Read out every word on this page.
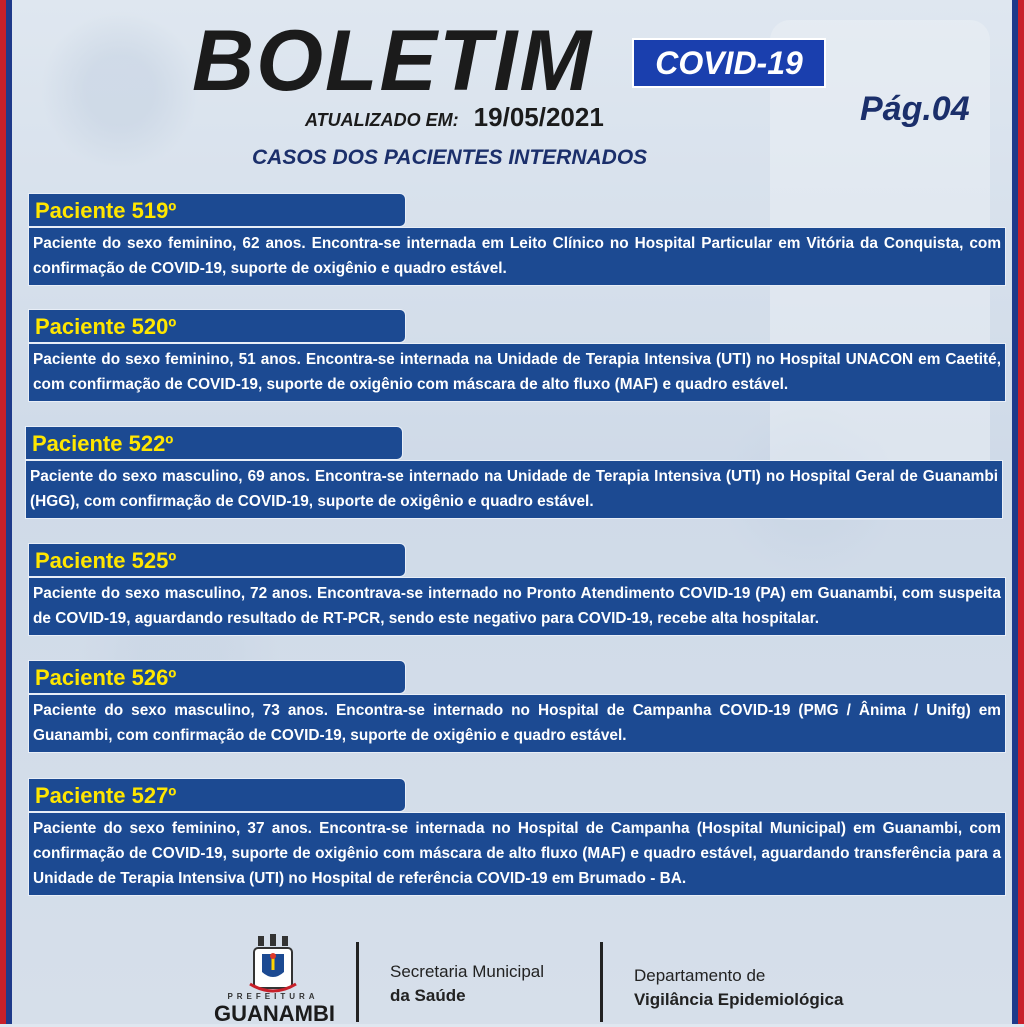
BOLETIM	COVID-19
ATUALIZADO EM: 19/05/2021	Pág.04
CASOS DOS PACIENTES INTERNADOS
Paciente 519º
Paciente do sexo feminino, 62 anos. Encontra-se internada em Leito Clínico no Hospital Particular em Vitória da Conquista, com confirmação de COVID-19, suporte de oxigênio e quadro estável.
Paciente 520º
Paciente do sexo feminino, 51 anos. Encontra-se internada na Unidade de Terapia Intensiva (UTI) no Hospital UNACON em Caetité, com confirmação de COVID-19, suporte de oxigênio com máscara de alto fluxo (MAF) e quadro estável.
Paciente 522º
Paciente do sexo masculino, 69 anos. Encontra-se internado na Unidade de Terapia Intensiva (UTI) no Hospital Geral de Guanambi (HGG), com confirmação de COVID-19, suporte de oxigênio e quadro estável.
Paciente 525º
Paciente do sexo masculino, 72 anos. Encontrava-se internado no Pronto Atendimento COVID-19 (PA) em Guanambi, com suspeita de COVID-19, aguardando resultado de RT-PCR, sendo este negativo para COVID-19, recebe alta hospitalar.
Paciente 526º
Paciente do sexo masculino, 73 anos. Encontra-se internado no Hospital de Campanha COVID-19 (PMG / Ânima / Unifg) em Guanambi, com confirmação de COVID-19, suporte de oxigênio e quadro estável.
Paciente 527º
Paciente do sexo feminino, 37 anos. Encontra-se internada no Hospital de Campanha (Hospital Municipal) em Guanambi, com confirmação de COVID-19, suporte de oxigênio com máscara de alto fluxo (MAF) e quadro estável, aguardando transferência para a Unidade de Terapia Intensiva (UTI) no Hospital de referência COVID-19 em Brumado - BA.
PREFEITURA
GUANAMBI
Secretaria Municipal
da Saúde
Departamento de
Vigilância Epidemiológica
